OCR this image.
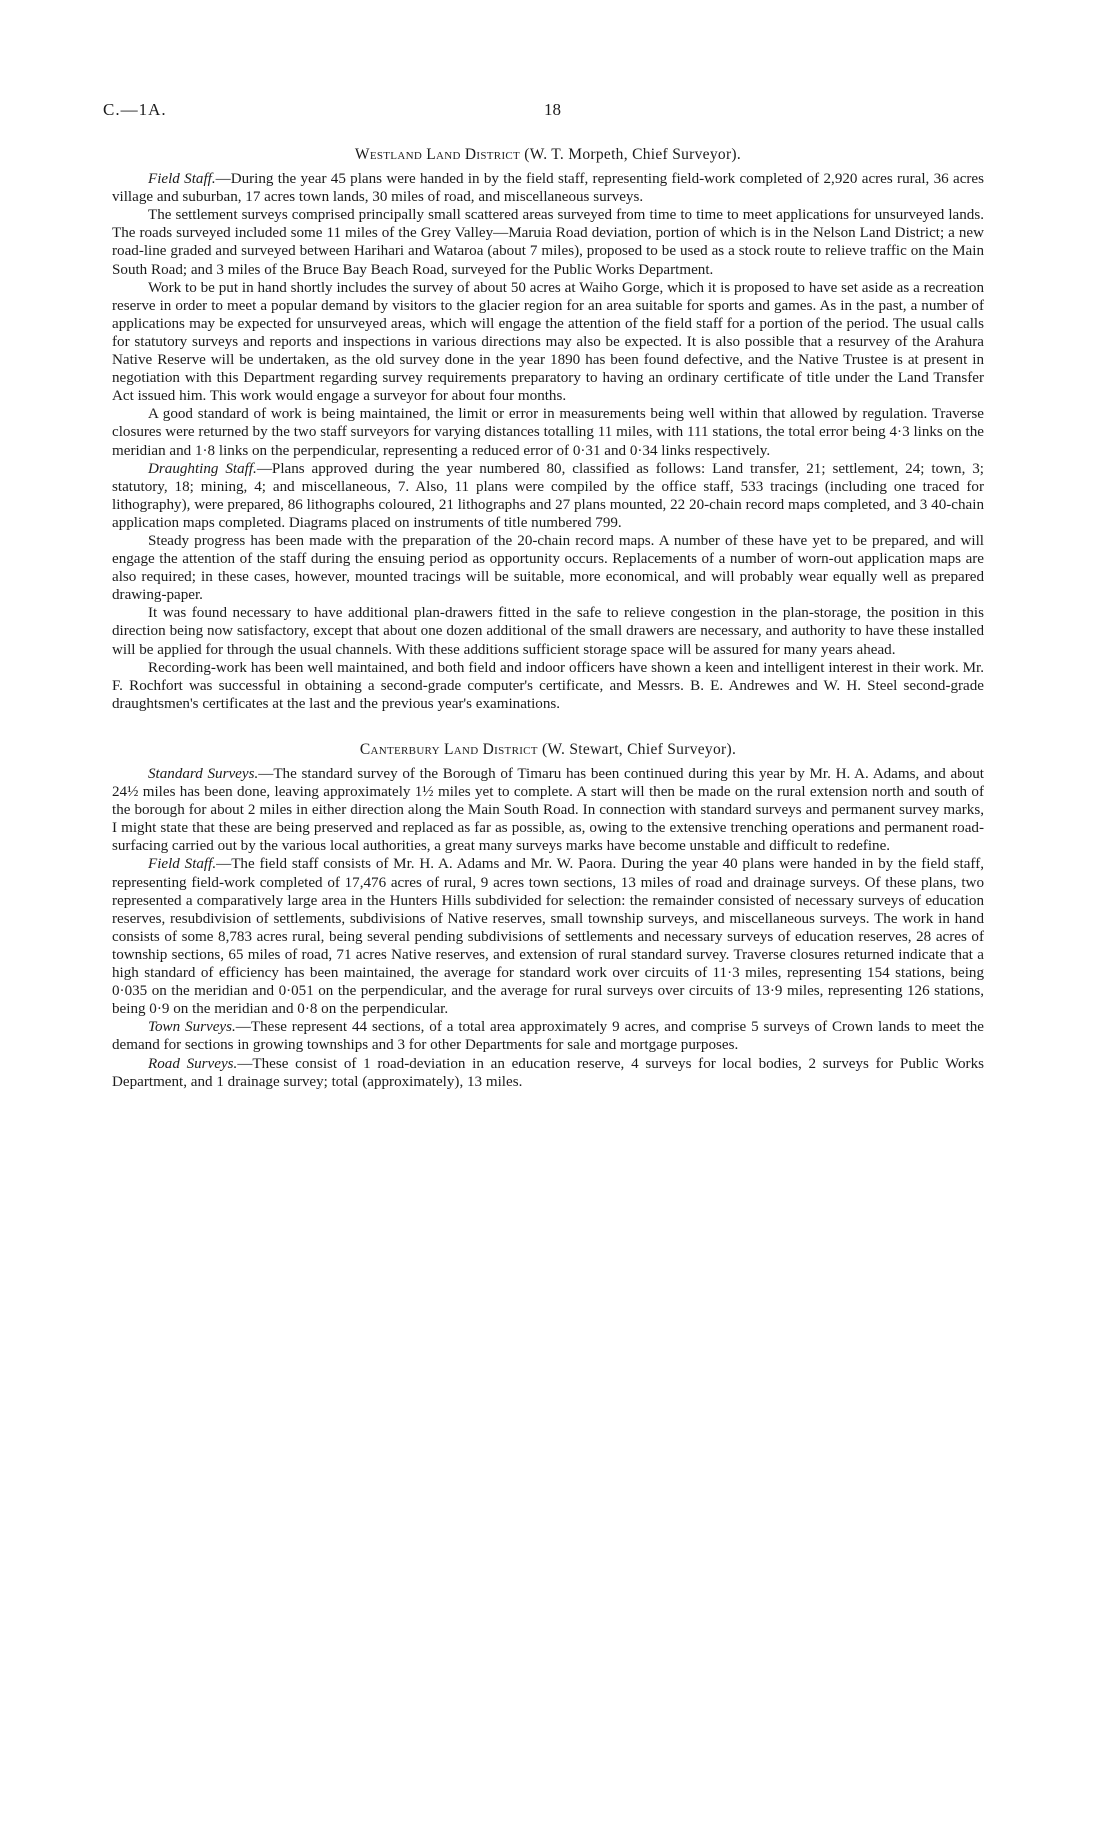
C.—1A.	18
Westland Land District (W. T. Morpeth, Chief Surveyor).

Field Staff.—During the year 45 plans were handed in by the field staff, representing field-work completed of 2,920 acres rural, 36 acres village and suburban, 17 acres town lands, 30 miles of road, and miscellaneous surveys.

The settlement surveys comprised principally small scattered areas surveyed from time to time to meet applications for unsurveyed lands. The roads surveyed included some 11 miles of the Grey Valley—Maruia Road deviation, portion of which is in the Nelson Land District; a new road-line graded and surveyed between Harihari and Wataroa (about 7 miles), proposed to be used as a stock route to relieve traffic on the Main South Road; and 3 miles of the Bruce Bay Beach Road, surveyed for the Public Works Department.

Work to be put in hand shortly includes the survey of about 50 acres at Waiho Gorge, which it is proposed to have set aside as a recreation reserve in order to meet a popular demand by visitors to the glacier region for an area suitable for sports and games. As in the past, a number of applications may be expected for unsurveyed areas, which will engage the attention of the field staff for a portion of the period. The usual calls for statutory surveys and reports and inspections in various directions may also be expected. It is also possible that a resurvey of the Arahura Native Reserve will be undertaken, as the old survey done in the year 1890 has been found defective, and the Native Trustee is at present in negotiation with this Department regarding survey requirements preparatory to having an ordinary certificate of title under the Land Transfer Act issued him. This work would engage a surveyor for about four months.

A good standard of work is being maintained, the limit or error in measurements being well within that allowed by regulation. Traverse closures were returned by the two staff surveyors for varying distances totalling 11 miles, with 111 stations, the total error being 4·3 links on the meridian and 1·8 links on the perpendicular, representing a reduced error of 0·31 and 0·34 links respectively.

Draughting Staff.—Plans approved during the year numbered 80, classified as follows: Land transfer, 21; settlement, 24; town, 3; statutory, 18; mining, 4; and miscellaneous, 7. Also, 11 plans were compiled by the office staff, 533 tracings (including one traced for lithography), were prepared, 86 lithographs coloured, 21 lithographs and 27 plans mounted, 22 20-chain record maps completed, and 3 40-chain application maps completed. Diagrams placed on instruments of title numbered 799.

Steady progress has been made with the preparation of the 20-chain record maps. A number of these have yet to be prepared, and will engage the attention of the staff during the ensuing period as opportunity occurs. Replacements of a number of worn-out application maps are also required; in these cases, however, mounted tracings will be suitable, more economical, and will probably wear equally well as prepared drawing-paper.

It was found necessary to have additional plan-drawers fitted in the safe to relieve congestion in the plan-storage, the position in this direction being now satisfactory, except that about one dozen additional of the small drawers are necessary, and authority to have these installed will be applied for through the usual channels. With these additions sufficient storage space will be assured for many years ahead.

Recording-work has been well maintained, and both field and indoor officers have shown a keen and intelligent interest in their work. Mr. F. Rochfort was successful in obtaining a second-grade computer's certificate, and Messrs. B. E. Andrewes and W. H. Steel second-grade draughtsmen's certificates at the last and the previous year's examinations.

Canterbury Land District (W. Stewart, Chief Surveyor).

Standard Surveys.—The standard survey of the Borough of Timaru has been continued during this year by Mr. H. A. Adams, and about 24½ miles has been done, leaving approximately 1½ miles yet to complete. A start will then be made on the rural extension north and south of the borough for about 2 miles in either direction along the Main South Road. In connection with standard surveys and permanent survey marks, I might state that these are being preserved and replaced as far as possible, as, owing to the extensive trenching operations and permanent road-surfacing carried out by the various local authorities, a great many surveys marks have become unstable and difficult to redefine.

Field Staff.—The field staff consists of Mr. H. A. Adams and Mr. W. Paora. During the year 40 plans were handed in by the field staff, representing field-work completed of 17,476 acres of rural, 9 acres town sections, 13 miles of road and drainage surveys. Of these plans, two represented a comparatively large area in the Hunters Hills subdivided for selection: the remainder consisted of necessary surveys of education reserves, resubdivision of settlements, subdivisions of Native reserves, small township surveys, and miscellaneous surveys. The work in hand consists of some 8,783 acres rural, being several pending subdivisions of settlements and necessary surveys of education reserves, 28 acres of township sections, 65 miles of road, 71 acres Native reserves, and extension of rural standard survey. Traverse closures returned indicate that a high standard of efficiency has been maintained, the average for standard work over circuits of 11·3 miles, representing 154 stations, being 0·035 on the meridian and 0·051 on the perpendicular, and the average for rural surveys over circuits of 13·9 miles, representing 126 stations, being 0·9 on the meridian and 0·8 on the perpendicular.

Town Surveys.—These represent 44 sections, of a total area approximately 9 acres, and comprise 5 surveys of Crown lands to meet the demand for sections in growing townships and 3 for other Departments for sale and mortgage purposes.

Road Surveys.—These consist of 1 road-deviation in an education reserve, 4 surveys for local bodies, 2 surveys for Public Works Department, and 1 drainage survey; total (approximately), 13 miles.
